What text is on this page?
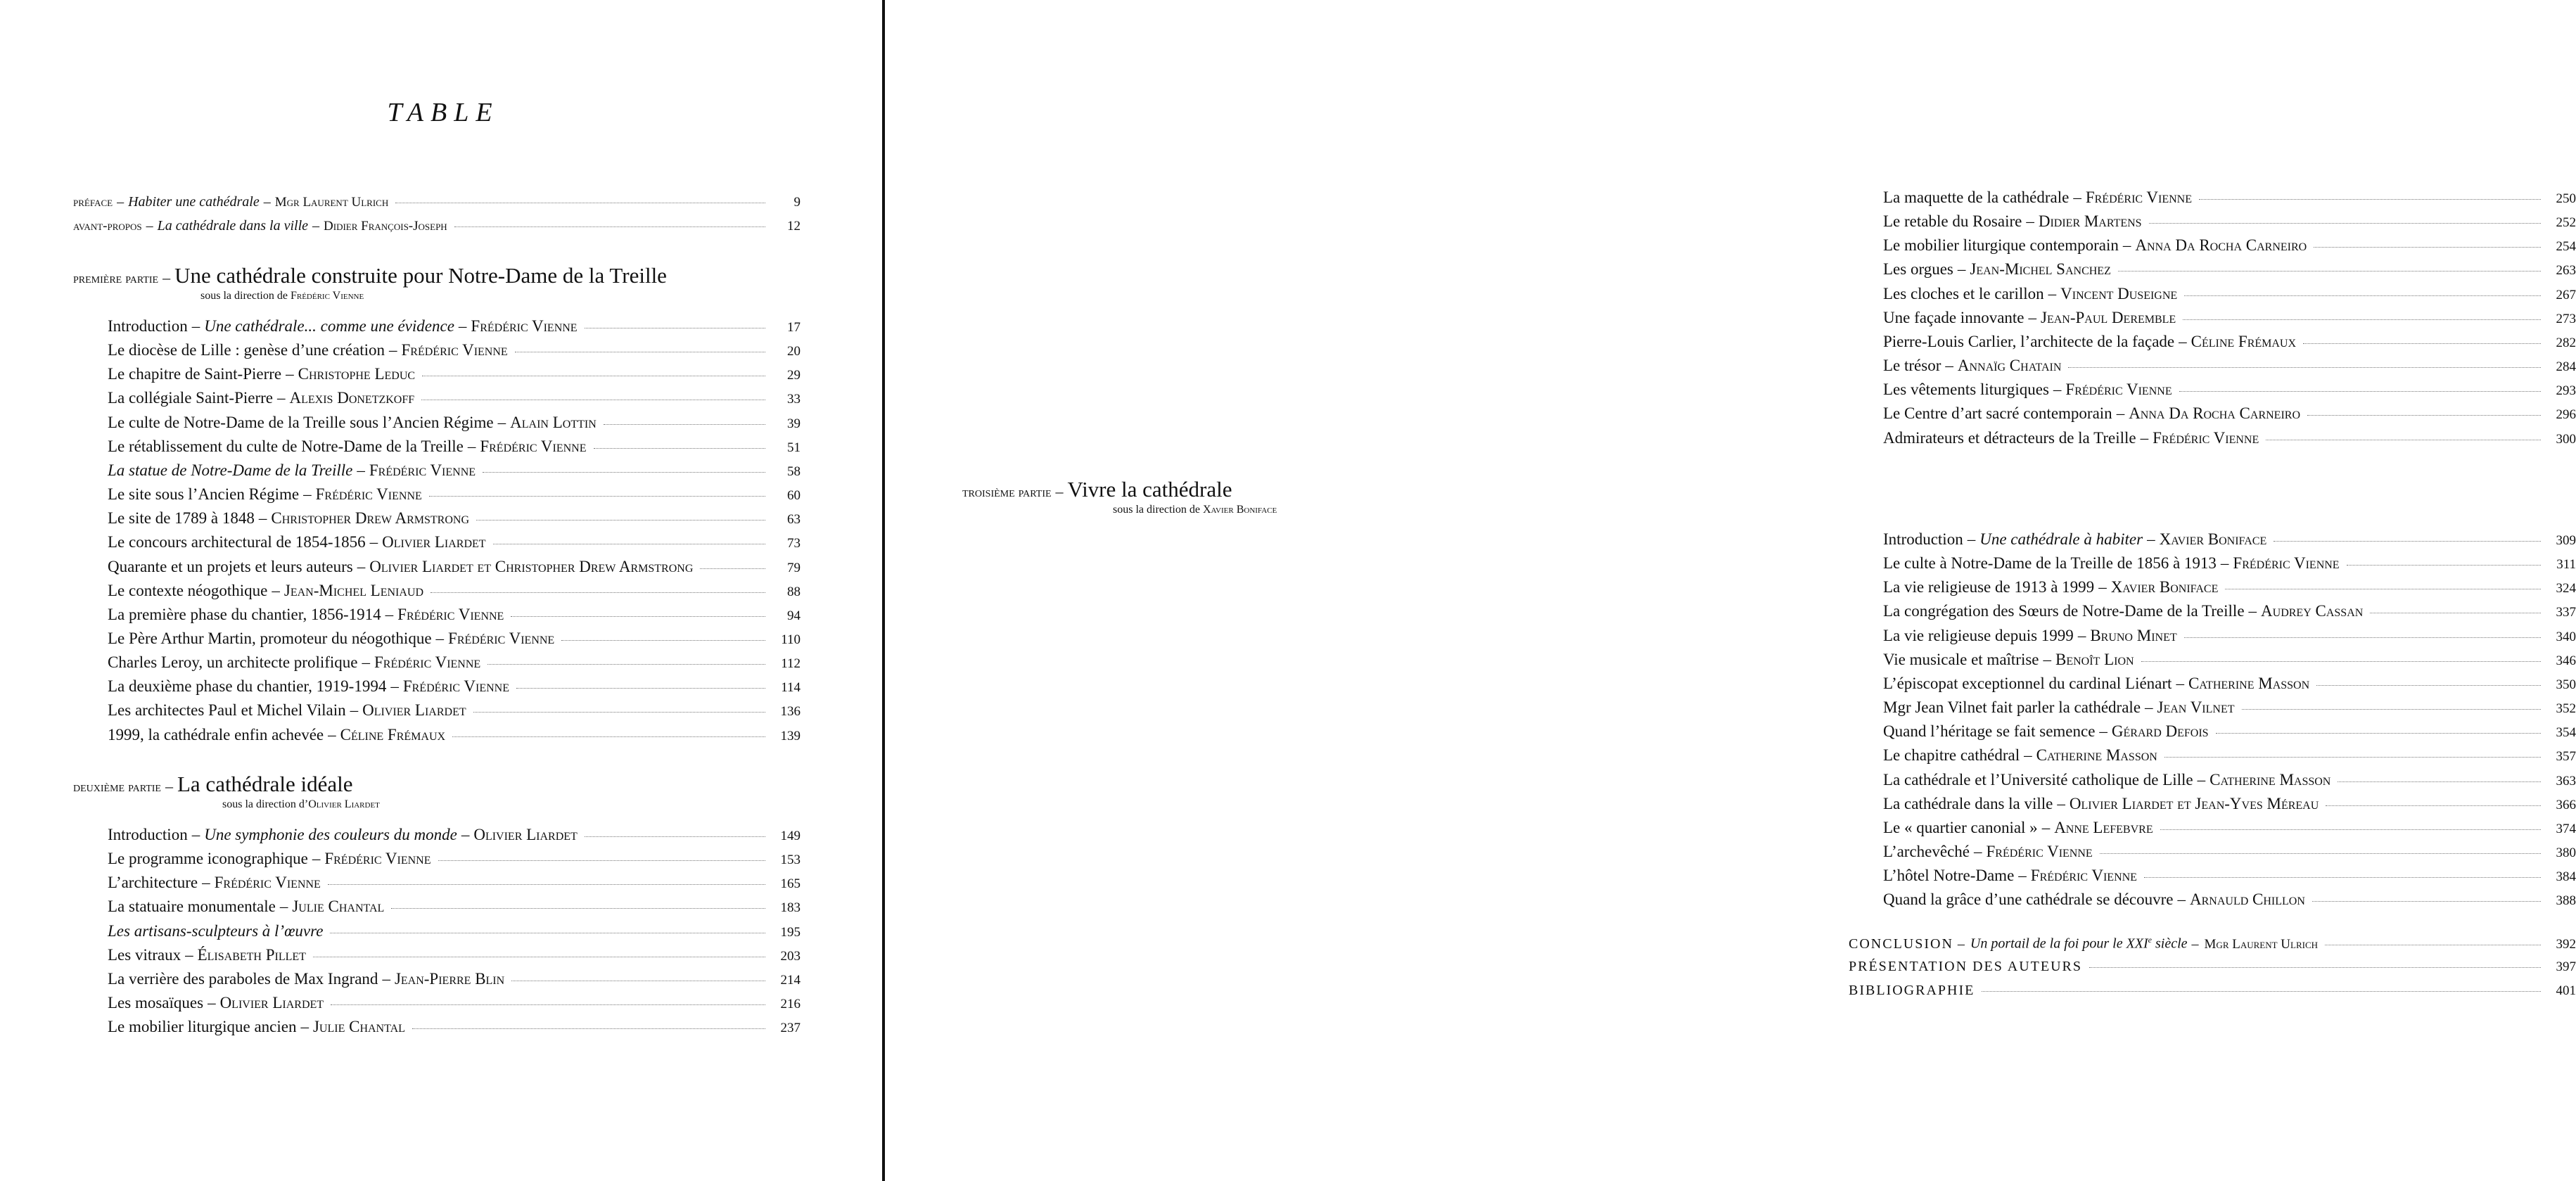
TABLE
préface – Habiter une cathédrale – Mgr Laurent Ulrich	9
avant-propos – La cathédrale dans la ville – Didier François-Joseph	12
première partie – Une cathédrale construite pour Notre-Dame de la Treille
sous la direction de Frédéric Vienne
Introduction – Une cathédrale... comme une évidence – Frédéric Vienne	17
Le diocèse de Lille : genèse d’une création – Frédéric Vienne	20
Le chapitre de Saint-Pierre – Christophe Leduc	29
La collégiale Saint-Pierre – Alexis Donetzkoff	33
Le culte de Notre-Dame de la Treille sous l’Ancien Régime – Alain Lottin	39
Le rétablissement du culte de Notre-Dame de la Treille – Frédéric Vienne	51
La statue de Notre-Dame de la Treille – Frédéric Vienne	58
Le site sous l’Ancien Régime – Frédéric Vienne	60
Le site de 1789 à 1848 – Christopher Drew Armstrong	63
Le concours architectural de 1854-1856 – Olivier Liardet	73
Quarante et un projets et leurs auteurs – Olivier Liardet et Christopher Drew Armstrong	79
Le contexte néogothique – Jean-Michel Leniaud	88
La première phase du chantier, 1856-1914 – Frédéric Vienne	94
Le Père Arthur Martin, promoteur du néogothique – Frédéric Vienne	110
Charles Leroy, un architecte prolifique – Frédéric Vienne	112
La deuxième phase du chantier, 1919-1994 – Frédéric Vienne	114
Les architectes Paul et Michel Vilain – Olivier Liardet	136
1999, la cathédrale enfin achevée – Céline Frémaux	139
deuxième partie – La cathédrale idéale
sous la direction d’Olivier Liardet
Introduction – Une symphonie des couleurs du monde – Olivier Liardet	149
Le programme iconographique – Frédéric Vienne	153
L’architecture – Frédéric Vienne	165
La statuaire monumentale – Julie Chantal	183
Les artisans-sculpteurs à l’œuvre	195
Les vitraux – Élisabeth Pillet	203
La verrière des paraboles de Max Ingrand – Jean-Pierre Blin	214
Les mosaïques – Olivier Liardet	216
Le mobilier liturgique ancien – Julie Chantal	237
La maquette de la cathédrale – Frédéric Vienne	250
Le retable du Rosaire – Didier Martens	252
Le mobilier liturgique contemporain – Anna Da Rocha Carneiro	254
Les orgues – Jean-Michel Sanchez	263
Les cloches et le carillon – Vincent Duseigne	267
Une façade innovante – Jean-Paul Deremble	273
Pierre-Louis Carlier, l’architecte de la façade – Céline Frémaux	282
Le trésor – Annaïg Chatain	284
Les vêtements liturgiques – Frédéric Vienne	293
Le Centre d’art sacré contemporain – Anna Da Rocha Carneiro	296
Admirateurs et détracteurs de la Treille – Frédéric Vienne	300
troisième partie – Vivre la cathédrale
sous la direction de Xavier Boniface
Introduction – Une cathédrale à habiter – Xavier Boniface	309
Le culte à Notre-Dame de la Treille de 1856 à 1913 – Frédéric Vienne	311
La vie religieuse de 1913 à 1999 – Xavier Boniface	324
La congrégation des Sœurs de Notre-Dame de la Treille – Audrey Cassan	337
La vie religieuse depuis 1999 – Bruno Minet	340
Vie musicale et maîtrise – Benoît Lion	346
L’épiscopat exceptionnel du cardinal Liénart – Catherine Masson	350
Mgr Jean Vilnet fait parler la cathédrale – Jean Vilnet	352
Quand l’héritage se fait semence – Gérard Defois	354
Le chapitre cathédral – Catherine Masson	357
La cathédrale et l’Université catholique de Lille – Catherine Masson	363
La cathédrale dans la ville – Olivier Liardet et Jean-Yves Méreau	366
Le « quartier canonial » – Anne Lefebvre	374
L’archevêché – Frédéric Vienne	380
L’hôtel Notre-Dame – Frédéric Vienne	384
Quand la grâce d’une cathédrale se découvre – Arnauld Chillon	388
CONCLUSION – Un portail de la foi pour le XXIe siècle – Mgr Laurent Ulrich	392
PRÉSENTATION DES AUTEURS	397
BIBLIOGRAPHIE	401
